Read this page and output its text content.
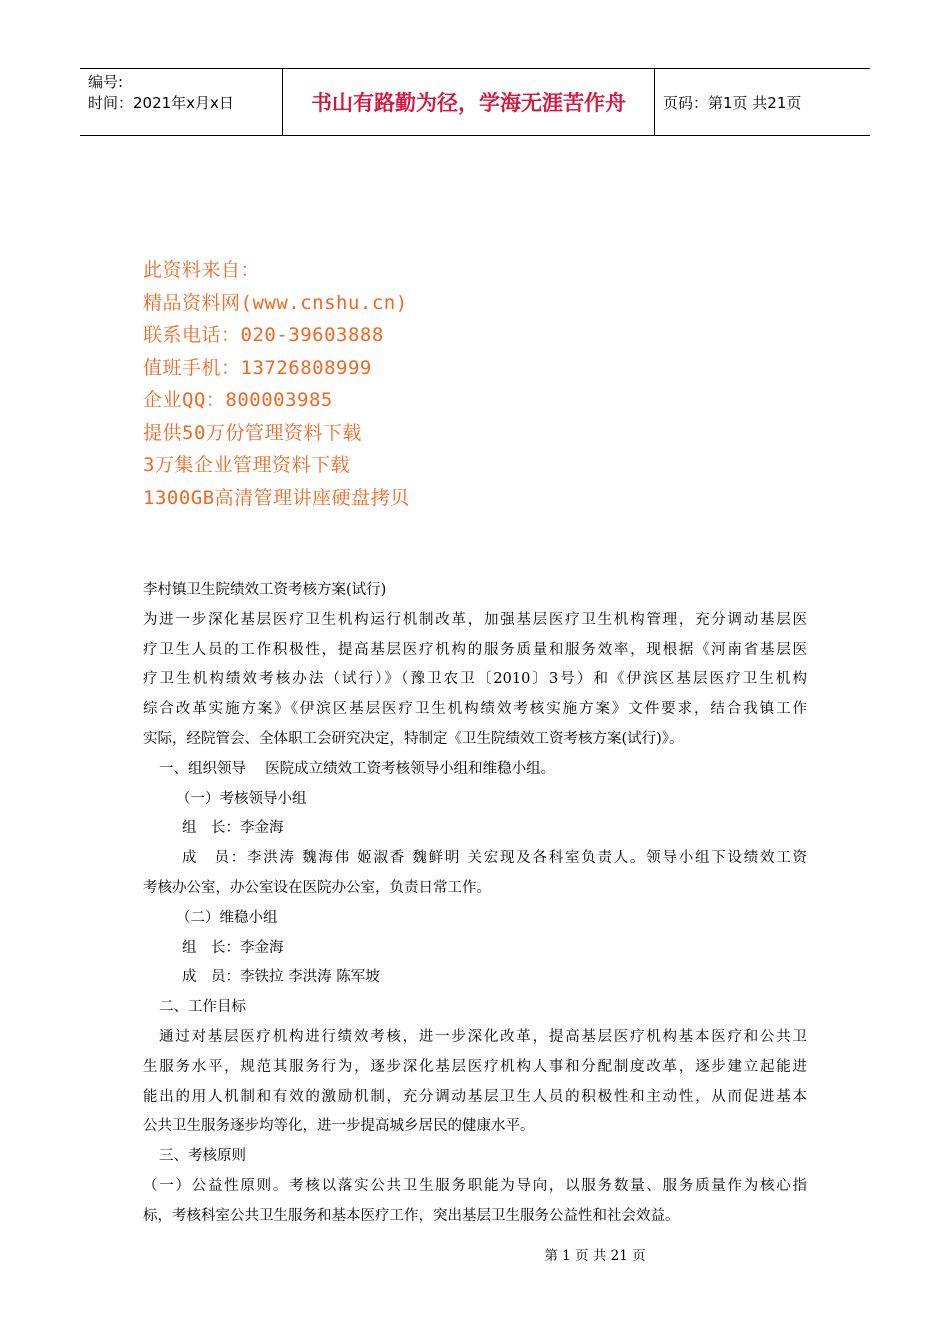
编号:
时间：2021年x月x日	书山有路勤为径，学海无涯苦作舟 页码：第1页 共21页
此资料来自：
精品资料网(www.cnshu.cn)
联系电话：020-39603888
值班手机：13726808999
企业QQ：800003985
提供50万份管理资料下载
3万集企业管理资料下载
1300GB高清管理讲座硬盘拷贝

李村镇卫生院绩效工资考核方案(试行)

为进一步深化基层医疗卫生机构运行机制改革，加强基层医疗卫生机构管理，充分调动基层医

疗卫生人员的工作积极性，提高基层医疗机构的服务质量和服务效率，现根据《河南省基层医

疗卫生机构绩效考核办法（试行）》（豫卫农卫〔2010〕3号）和《伊滨区基层医疗卫生机构

综合改革实施方案》《伊滨区基层医疗卫生机构绩效考核实施方案》文件要求，结合我镇工作

实际，经院管会、全体职工会研究决定，特制定《卫生院绩效工资考核方案(试行)》。

一、组织领导　 医院成立绩效工资考核领导小组和维稳小组。

（一）考核领导小组

组　长：李金海

成　员：李洪涛 魏海伟 姬淑香 魏鲜明 关宏现及各科室负责人。领导小组下设绩效工资

考核办公室，办公室设在医院办公室，负责日常工作。

（二）维稳小组

组　长：李金海

成　员：李铁拉 李洪涛 陈军坡

二、工作目标

通过对基层医疗机构进行绩效考核，进一步深化改革，提高基层医疗机构基本医疗和公共卫

生服务水平，规范其服务行为，逐步深化基层医疗机构人事和分配制度改革，逐步建立起能进

能出的用人机制和有效的激励机制，充分调动基层卫生人员的积极性和主动性，从而促进基本

公共卫生服务逐步均等化，进一步提高城乡居民的健康水平。

三、考核原则

（一）公益性原则。考核以落实公共卫生服务职能为导向，以服务数量、服务质量作为核心指

标，考核科室公共卫生服务和基本医疗工作，突出基层卫生服务公益性和社会效益。

第 1 页 共 21 页
